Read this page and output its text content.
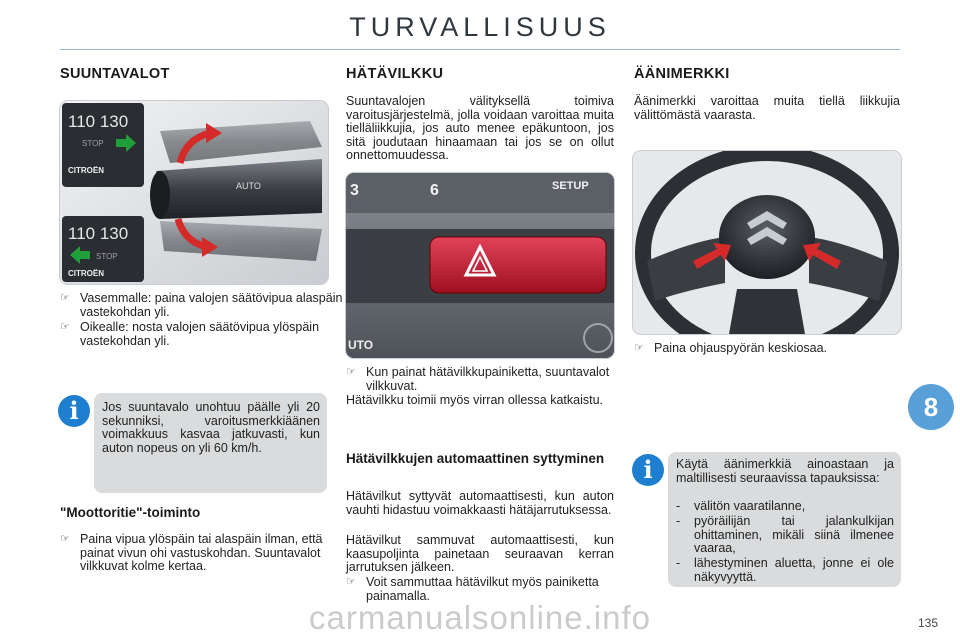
TURVALLISUUS
SUUNTAVALOT
110 130
STOP
CITROËN
110 130
STOP
CITROËN
AUTO
☞ Vasemmalle: paina valojen säätövipua alaspäin vastekohdan yli.
☞ Oikealle: nosta valojen säätövipua ylöspäin vastekohdan yli.
i	Jos suuntavalo unohtuu päälle yli 20 sekunniksi, varoitusmerkkiäänen voimakkuus kasvaa jatkuvasti, kun auton nopeus on yli 60 km/h.
"Moottoritie"-toiminto
☞ Paina vipua ylöspäin tai alaspäin ilman, että painat vivun ohi vastuskohdan. Suuntavalot vilkkuvat kolme kertaa.
HÄTÄVILKKU
Suuntavalojen välityksellä toimiva varoitusjärjestelmä, jolla voidaan varoittaa muita tielläliikkujia, jos auto menee epäkuntoon, jos sitä joudutaan hinaamaan tai jos se on ollut onnettomuudessa.
3	6	SETUP
UTO
☞ Kun painat hätävilkkupainiketta, suuntavalot vilkkuvat.
Hätävilkku toimii myös virran ollessa katkaistu.
Hätävilkkujen automaattinen syttyminen
Hätävilkut syttyvät automaattisesti, kun auton vauhti hidastuu voimakkaasti hätäjarrutuksessa.
Hätävilkut sammuvat automaattisesti, kun kaasupoljinta painetaan seuraavan kerran jarrutuksen jälkeen.
☞ Voit sammuttaa hätävilkut myös painiketta painamalla.
ÄÄNIMERKKI
Äänimerkki varoittaa muita tiellä liikkujia välittömästä vaarasta.
☞ Paina ohjauspyörän keskiosaa.
i	Käytä äänimerkkiä ainoastaan ja maltillisesti seuraavissa tapauksissa:
- välitön vaaratilanne,
- pyöräilijän tai jalankulkijan ohittaminen, mikäli siinä ilmenee vaaraa,
- lähestyminen aluetta, jonne ei ole näkyvyyttä.
8
135
carmanualsonline.info
